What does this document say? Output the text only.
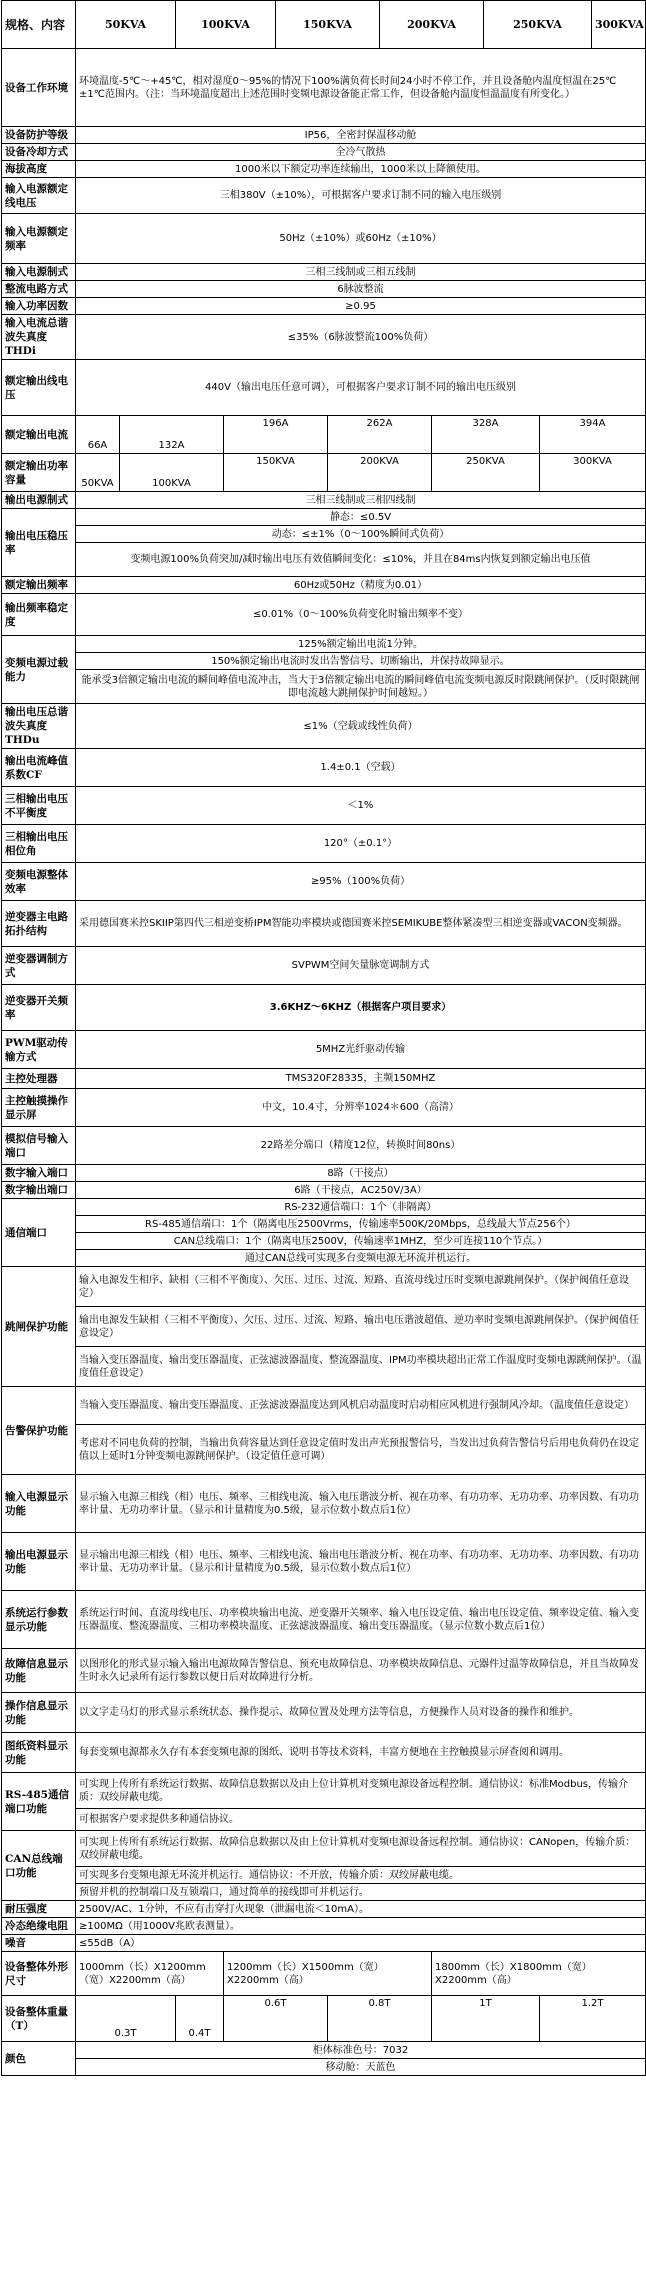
规格、内容	50KVA		100KVA		150KVA		200KVA		250KVA		300KVA
设备工作环境	环境温度-5℃～+45℃，相对湿度0～95%的情况下100%满负荷长时间24小时不停工作，并且设备舱内温度恒温在25℃±1℃范围内。（注：当环境温度超出上述范围时变频电源设备能正常工作，但设备舱内温度恒温温度有所变化。）										
设备防护等级	IP56，全密封保温移动舱										
设备冷却方式	全冷气散热										
海拔高度	1000米以下额定功率连续输出，1000米以上降额使用。										
输入电源额定线电压	三相380V（±10%），可根据客户要求订制不同的输入电压级别										
输入电源额定频率	50Hz（±10%）或60Hz（±10%）										
输入电源制式	三相三线制或三相五线制										
整流电路方式	6脉波整流										
输入功率因数	≥0.95										
输入电流总谐波失真度THDi	≤35%（6脉波整流100%负荷）										
额定输出线电压	440V（输出电压任意可调），可根据客户要求订制不同的输出电压级别										
额定输出电流	66A	132A		196A		262A		328A		394A	
额定输出功率容量	50KVA	100KVA		150KVA		200KVA		250KVA		300KVA	
输出电源制式	三相三线制或三相四线制										
输出电压稳压率	静态：≤0.5V										
	动态：≤±1%（0～100%瞬间式负荷）										
	变频电源100%负荷突加/减时输出电压有效值瞬间变化：≤10%，并且在84ms内恢复到额定输出电压值										
额定输出频率	60Hz或50Hz（精度为0.01）										
输出频率稳定度	≤0.01%（0～100%负荷变化时输出频率不变）										
变频电源过载能力	125%额定输出电流1分钟。										
	150%额定输出电流时发出告警信号、切断输出，并保持故障显示。										
	能承受3倍额定输出电流的瞬间峰值电流冲击，当大于3倍额定输出电流的瞬间峰值电流变频电源反时限跳闸保护。（反时限跳闸即电流越大跳闸保护时间越短。）										
输出电压总谐波失真度THDu	≤1%（空载或线性负荷）										
输出电流峰值系数CF	1.4±0.1（空载）										
三相输出电压不平衡度	＜1%										
三相输出电压相位角	120°（±0.1°）										
变频电源整体效率	≥95%（100%负荷）										
逆变器主电路拓扑结构	采用德国赛米控SKIIP第四代三相逆变桥IPM智能功率模块或德国赛米控SEMIKUBE整体紧凑型三相逆变器或VACON变频器。										
逆变器调制方式	SVPWM空间矢量脉宽调制方式										
逆变器开关频率	3.6KHZ～6KHZ（根据客户项目要求）										
PWM驱动传输方式	5MHZ光纤驱动传输										
主控处理器	TMS320F28335，主频150MHZ										
主控触摸操作显示屏	中文，10.4寸，分辨率1024＊600（高清）										
模拟信号输入端口	22路差分端口（精度12位，转换时间80ns）										
数字输入端口	8路（干接点）										
数字输出端口	6路（干接点，AC250V/3A）										
通信端口	RS-232通信端口：1个（非隔离）										
	RS-485通信端口：1个（隔离电压2500Vrms，传输速率500K/20Mbps，总线最大节点256个）										
	CAN总线端口：1个（隔离电压2500V，传输速率1MHZ，至少可连接110个节点。）										
	通过CAN总线可实现多台变频电源无环流并机运行。										
跳闸保护功能	输入电源发生相序、缺相（三相不平衡度）、欠压、过压、过流、短路、直流母线过压时变频电源跳闸保护。（保护阀值任意设定）										
	输出电源发生缺相（三相不平衡度）、欠压、过压、过流、短路、输出电压谐波超值、逆功率时变频电源跳闸保护。（保护阀值任意设定）										
	当输入变压器温度、输出变压器温度、正弦滤波器温度、整流器温度、IPM功率模块超出正常工作温度时变频电源跳闸保护。（温度值任意设定）										
告警保护功能	当输入变压器温度、输出变压器温度、正弦滤波器温度达到风机启动温度时启动相应风机进行强制风冷却。（温度值任意设定）										
	考虑对不同电负荷的控制，当输出负荷容量达到任意设定值时发出声光预报警信号，当发出过负荷告警信号后用电负荷仍在设定值以上延时1分钟变频电源跳闸保护。（设定值任意可调）										
输入电源显示功能	显示输入电源三相线（相）电压、频率、三相线电流、输入电压谐波分析、视在功率、有功功率、无功功率、功率因数、有功功率计量、无功功率计量。（显示和计量精度为0.5级，显示位数小数点后1位）										
输出电源显示功能	显示输出电源三相线（相）电压、频率、三相线电流、输出电压谐波分析、视在功率、有功功率、无功功率、功率因数、有功功率计量、无功功率计量。（显示和计量精度为0.5级，显示位数小数点后1位）										
系统运行参数显示功能	系统运行时间、直流母线电压、功率模块输出电流、逆变器开关频率、输入电压设定值、输出电压设定值、频率设定值、输入变压器温度、整流器温度、三相功率模块温度、正弦滤波器温度、输出变压器温度。（显示位数小数点后1位）										
故障信息显示功能	以图形化的形式显示输入输出电源故障告警信息、预充电故障信息、功率模块故障信息、元器件过温等故障信息，并且当故障发生时永久记录所有运行参数以便日后对故障进行分析。										
操作信息显示功能	以文字走马灯的形式显示系统状态、操作提示、故障位置及处理方法等信息，方便操作人员对设备的操作和维护。										
图纸资料显示功能	每套变频电源都永久存有本套变频电源的图纸、说明书等技术资料，丰富方便地在主控触摸显示屏查阅和调用。										
RS-485通信端口功能	可实现上传所有系统运行数据、故障信息数据以及由上位计算机对变频电源设备远程控制。通信协议：标准Modbus，传输介质：双绞屏蔽电缆。										
	可根据客户要求提供多种通信协议。										
CAN总线端口功能	可实现上传所有系统运行数据、故障信息数据以及由上位计算机对变频电源设备远程控制。通信协议：CANopen，传输介质：双绞屏蔽电缆。										
	可实现多台变频电源无环流并机运行。通信协议：不开放，传输介质：双绞屏蔽电缆。										
	预留并机的控制端口及互锁端口，通过简单的接线即可并机运行。										
耐压强度	2500V/AC、1分钟，不应有击穿打火现象（泄漏电流＜10mA）。										
冷态绝缘电阻	≥100MΩ（用1000V兆欧表测量）。										
噪音	≤55dB（A）										
设备整体外形尺寸	1000mm（长）X1200mm（宽）X2200mm（高）			1200mm（长）X1500mm（宽）X2200mm（高）				1800mm（长）X1800mm（宽）X2200mm（高）			
设备整体重量（T）	0.3T		0.4T	0.6T		0.8T		1T		1.2T	
颜色	柜体标准色号：7032										
	移动舱：天蓝色										
